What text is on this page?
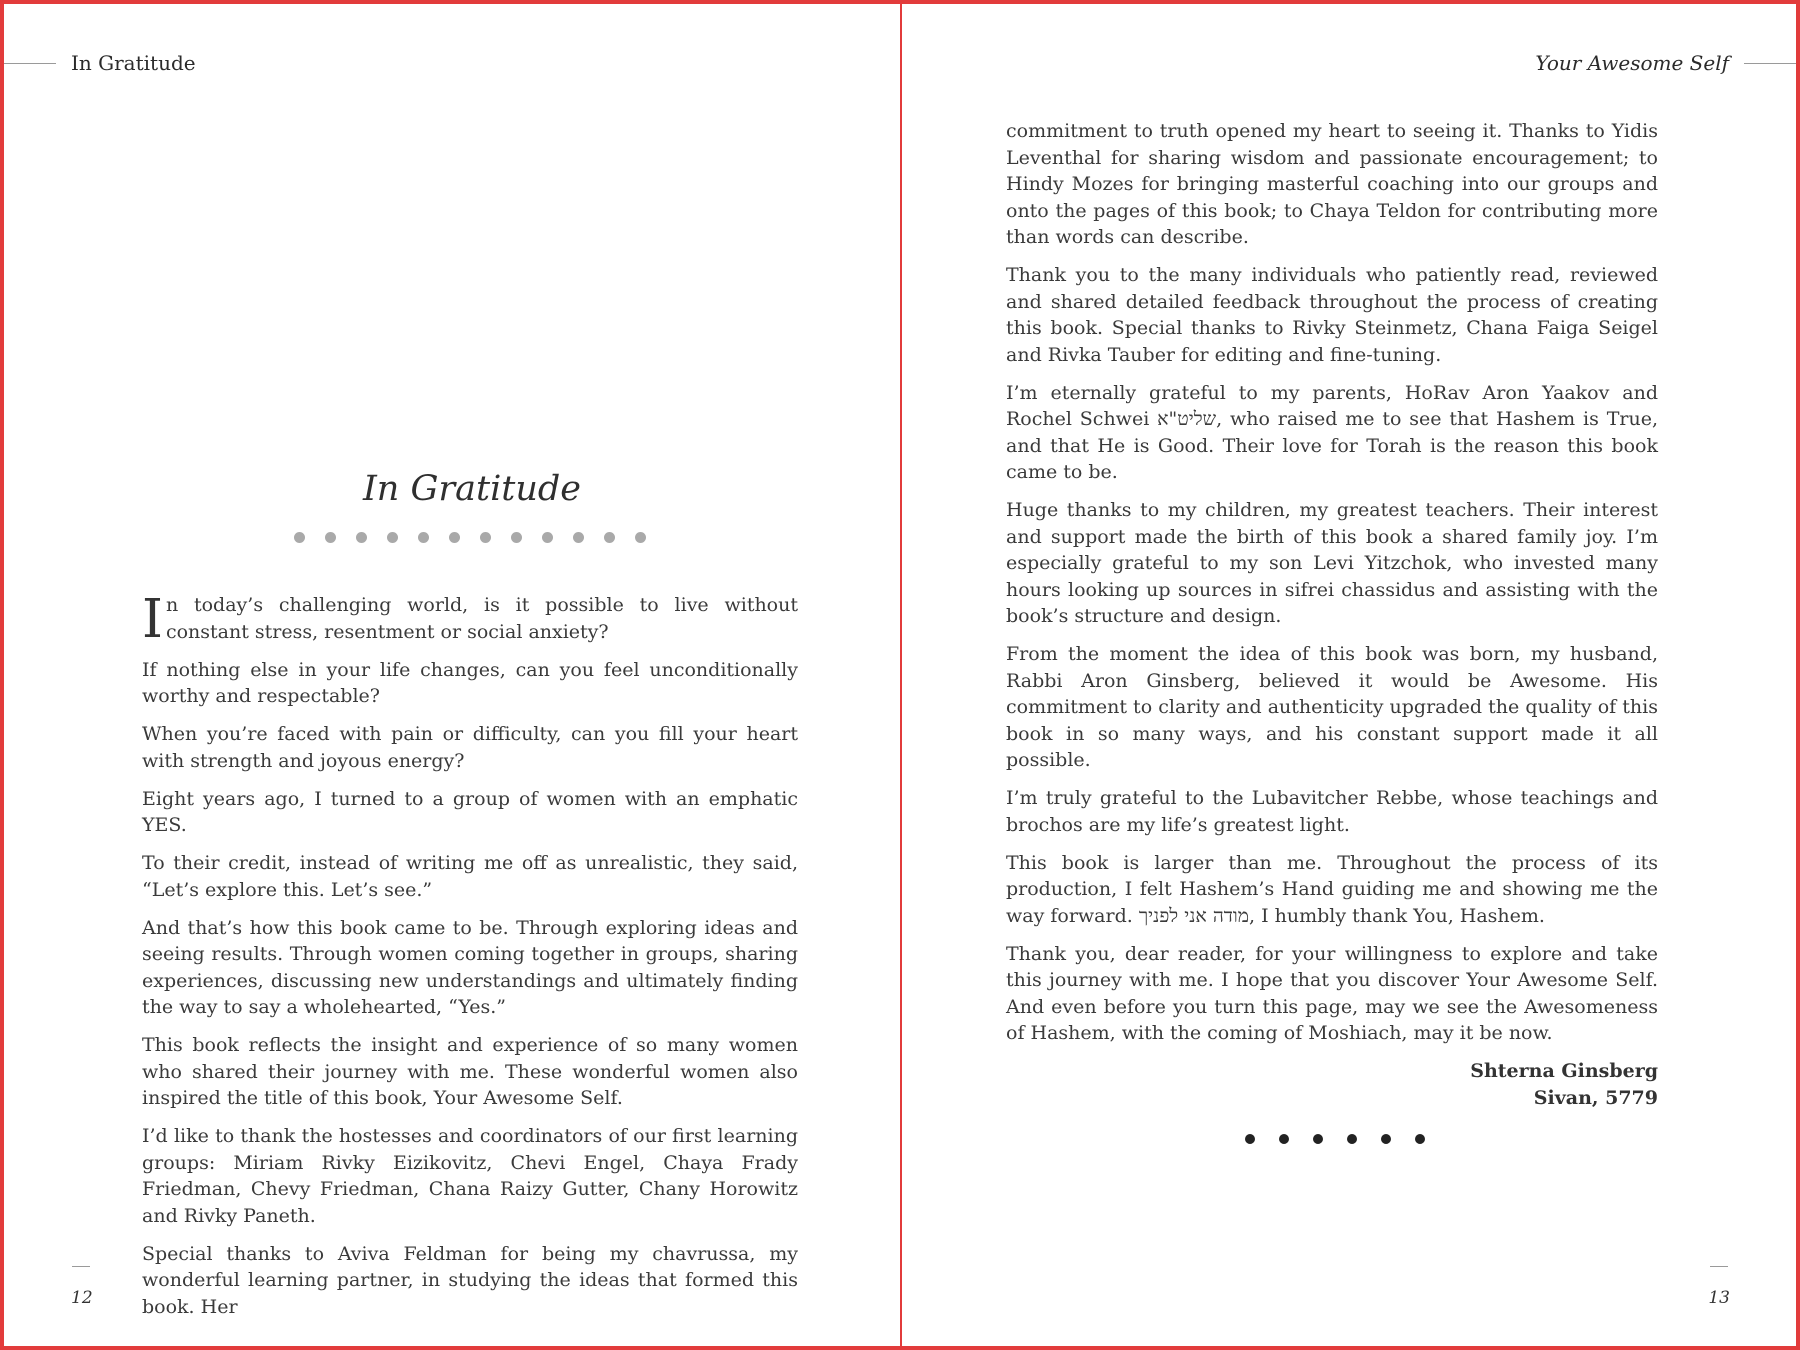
In Gratitude
In Gratitude

In today’s challenging world, is it possible to live without constant stress, resentment or social anxiety?

If nothing else in your life changes, can you feel unconditionally worthy and respectable?

When you’re faced with pain or difficulty, can you fill your heart with strength and joyous energy?

Eight years ago, I turned to a group of women with an emphatic YES.

To their credit, instead of writing me off as unrealistic, they said, “Let’s explore this. Let’s see.”

And that’s how this book came to be. Through exploring ideas and seeing results. Through women coming together in groups, sharing experiences, discussing new understandings and ultimately finding the way to say a wholehearted, “Yes.”

This book reflects the insight and experience of so many women who shared their journey with me. These wonderful women also inspired the title of this book, Your Awesome Self.

I’d like to thank the hostesses and coordinators of our first learning groups: Miriam Rivky Eizikovitz, Chevi Engel, Chaya Frady Friedman, Chevy Friedman, Chana Raizy Gutter, Chany Horowitz and Rivky Paneth.

Special thanks to Aviva Feldman for being my chavrussa, my wonderful learning partner, in studying the ideas that formed this book. Her

12
Your Awesome Self
13

commitment to truth opened my heart to seeing it. Thanks to Yidis Leventhal for sharing wisdom and passionate encouragement; to Hindy Mozes for bringing masterful coaching into our groups and onto the pages of this book; to Chaya Teldon for contributing more than words can describe.

Thank you to the many individuals who patiently read, reviewed and shared detailed feedback throughout the process of creating this book. Special thanks to Rivky Steinmetz, Chana Faiga Seigel and Rivka Tauber for editing and fine-tuning.

I’m eternally grateful to my parents, HoRav Aron Yaakov and Rochel Schwei שליט"א, who raised me to see that Hashem is True, and that He is Good. Their love for Torah is the reason this book came to be.

Huge thanks to my children, my greatest teachers. Their interest and support made the birth of this book a shared family joy. I’m especially grateful to my son Levi Yitzchok, who invested many hours looking up sources in sifrei chassidus and assisting with the book’s structure and design.

From the moment the idea of this book was born, my husband, Rabbi Aron Ginsberg, believed it would be Awesome. His commitment to clarity and authenticity upgraded the quality of this book in so many ways, and his constant support made it all possible.

I’m truly grateful to the Lubavitcher Rebbe, whose teachings and brochos are my life’s greatest light.

This book is larger than me. Throughout the process of its production, I felt Hashem’s Hand guiding me and showing me the way forward. מודה אני לפניך, I humbly thank You, Hashem.

Thank you, dear reader, for your willingness to explore and take this journey with me. I hope that you discover Your Awesome Self. And even before you turn this page, may we see the Awesomeness of Hashem, with the coming of Moshiach, may it be now.

Shterna Ginsberg

Sivan, 5779
